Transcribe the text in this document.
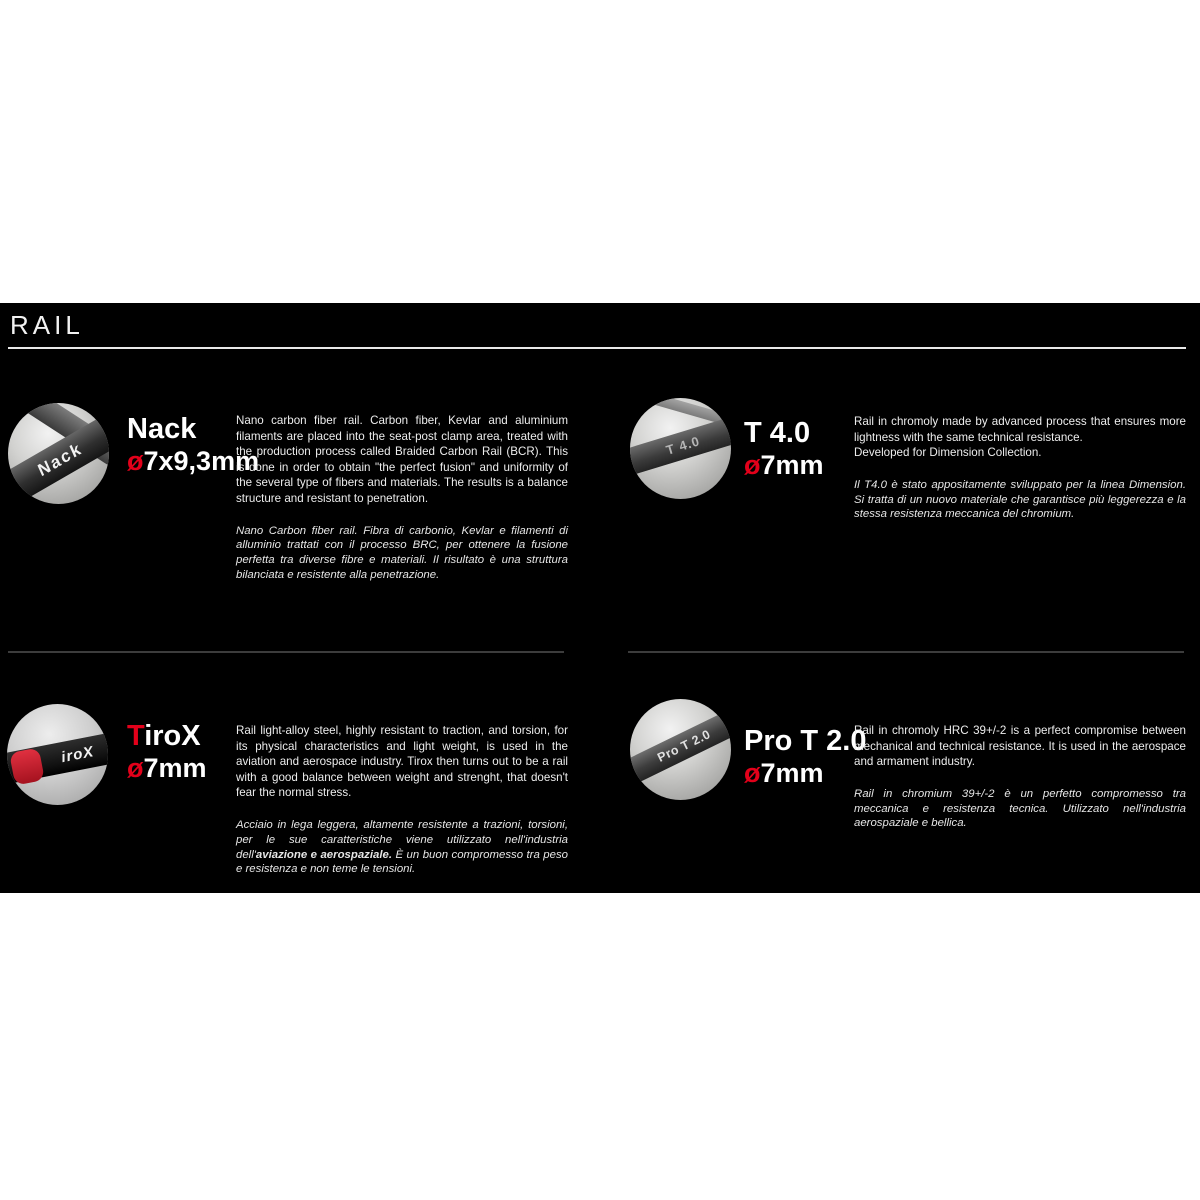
RAIL
Nack
Nack
ø7x9,3mm

Nano carbon fiber rail. Carbon fiber, Kevlar and aluminium filaments are placed into the seat-post clamp area, treated with the production process called Braided Carbon Rail (BCR). This is done in order to obtain "the perfect fusion" and uniformity of the several type of fibers and materials. The results is a balance structure and resistant to penetration.

Nano Carbon fiber rail. Fibra di carbonio, Kevlar e filamenti di alluminio trattati con il processo BRC, per ottenere la fusione perfetta tra diverse fibre e materiali. Il risultato è una struttura bilanciata e resistente alla penetrazione.

T 4.0 T 4.0
ø7mm

Rail in chromoly made by advanced process that ensures more lightness with the same technical resistance.
Developed for Dimension Collection.

Il T4.0 è stato appositamente sviluppato per la linea Dimension. Si tratta di un nuovo materiale che garantisce più leggerezza e la stessa resistenza meccanica del chromium.

iroX
TiroX
ø7mm

Rail light-alloy steel, highly resistant to traction, and torsion, for its physical characteristics and light weight, is used in the aviation and aerospace industry. Tirox then turns out to be a rail with a good balance between weight and strenght, that doesn't fear the normal stress.

Acciaio in lega leggera, altamente resistente a trazioni, torsioni, per le sue caratteristiche viene utilizzato nell'industria dell'aviazione e aerospaziale. È un buon compromesso tra peso e resistenza e non teme le tensioni.

Pro T 2.0 Pro T 2.0
ø7mm

Rail in chromoly HRC 39+/-2 is a perfect compromise between mechanical and technical resistance. It is used in the aerospace and armament industry.

Rail in chromium 39+/-2 è un perfetto compromesso tra meccanica e resistenza tecnica. Utilizzato nell'industria aerospaziale e bellica.
